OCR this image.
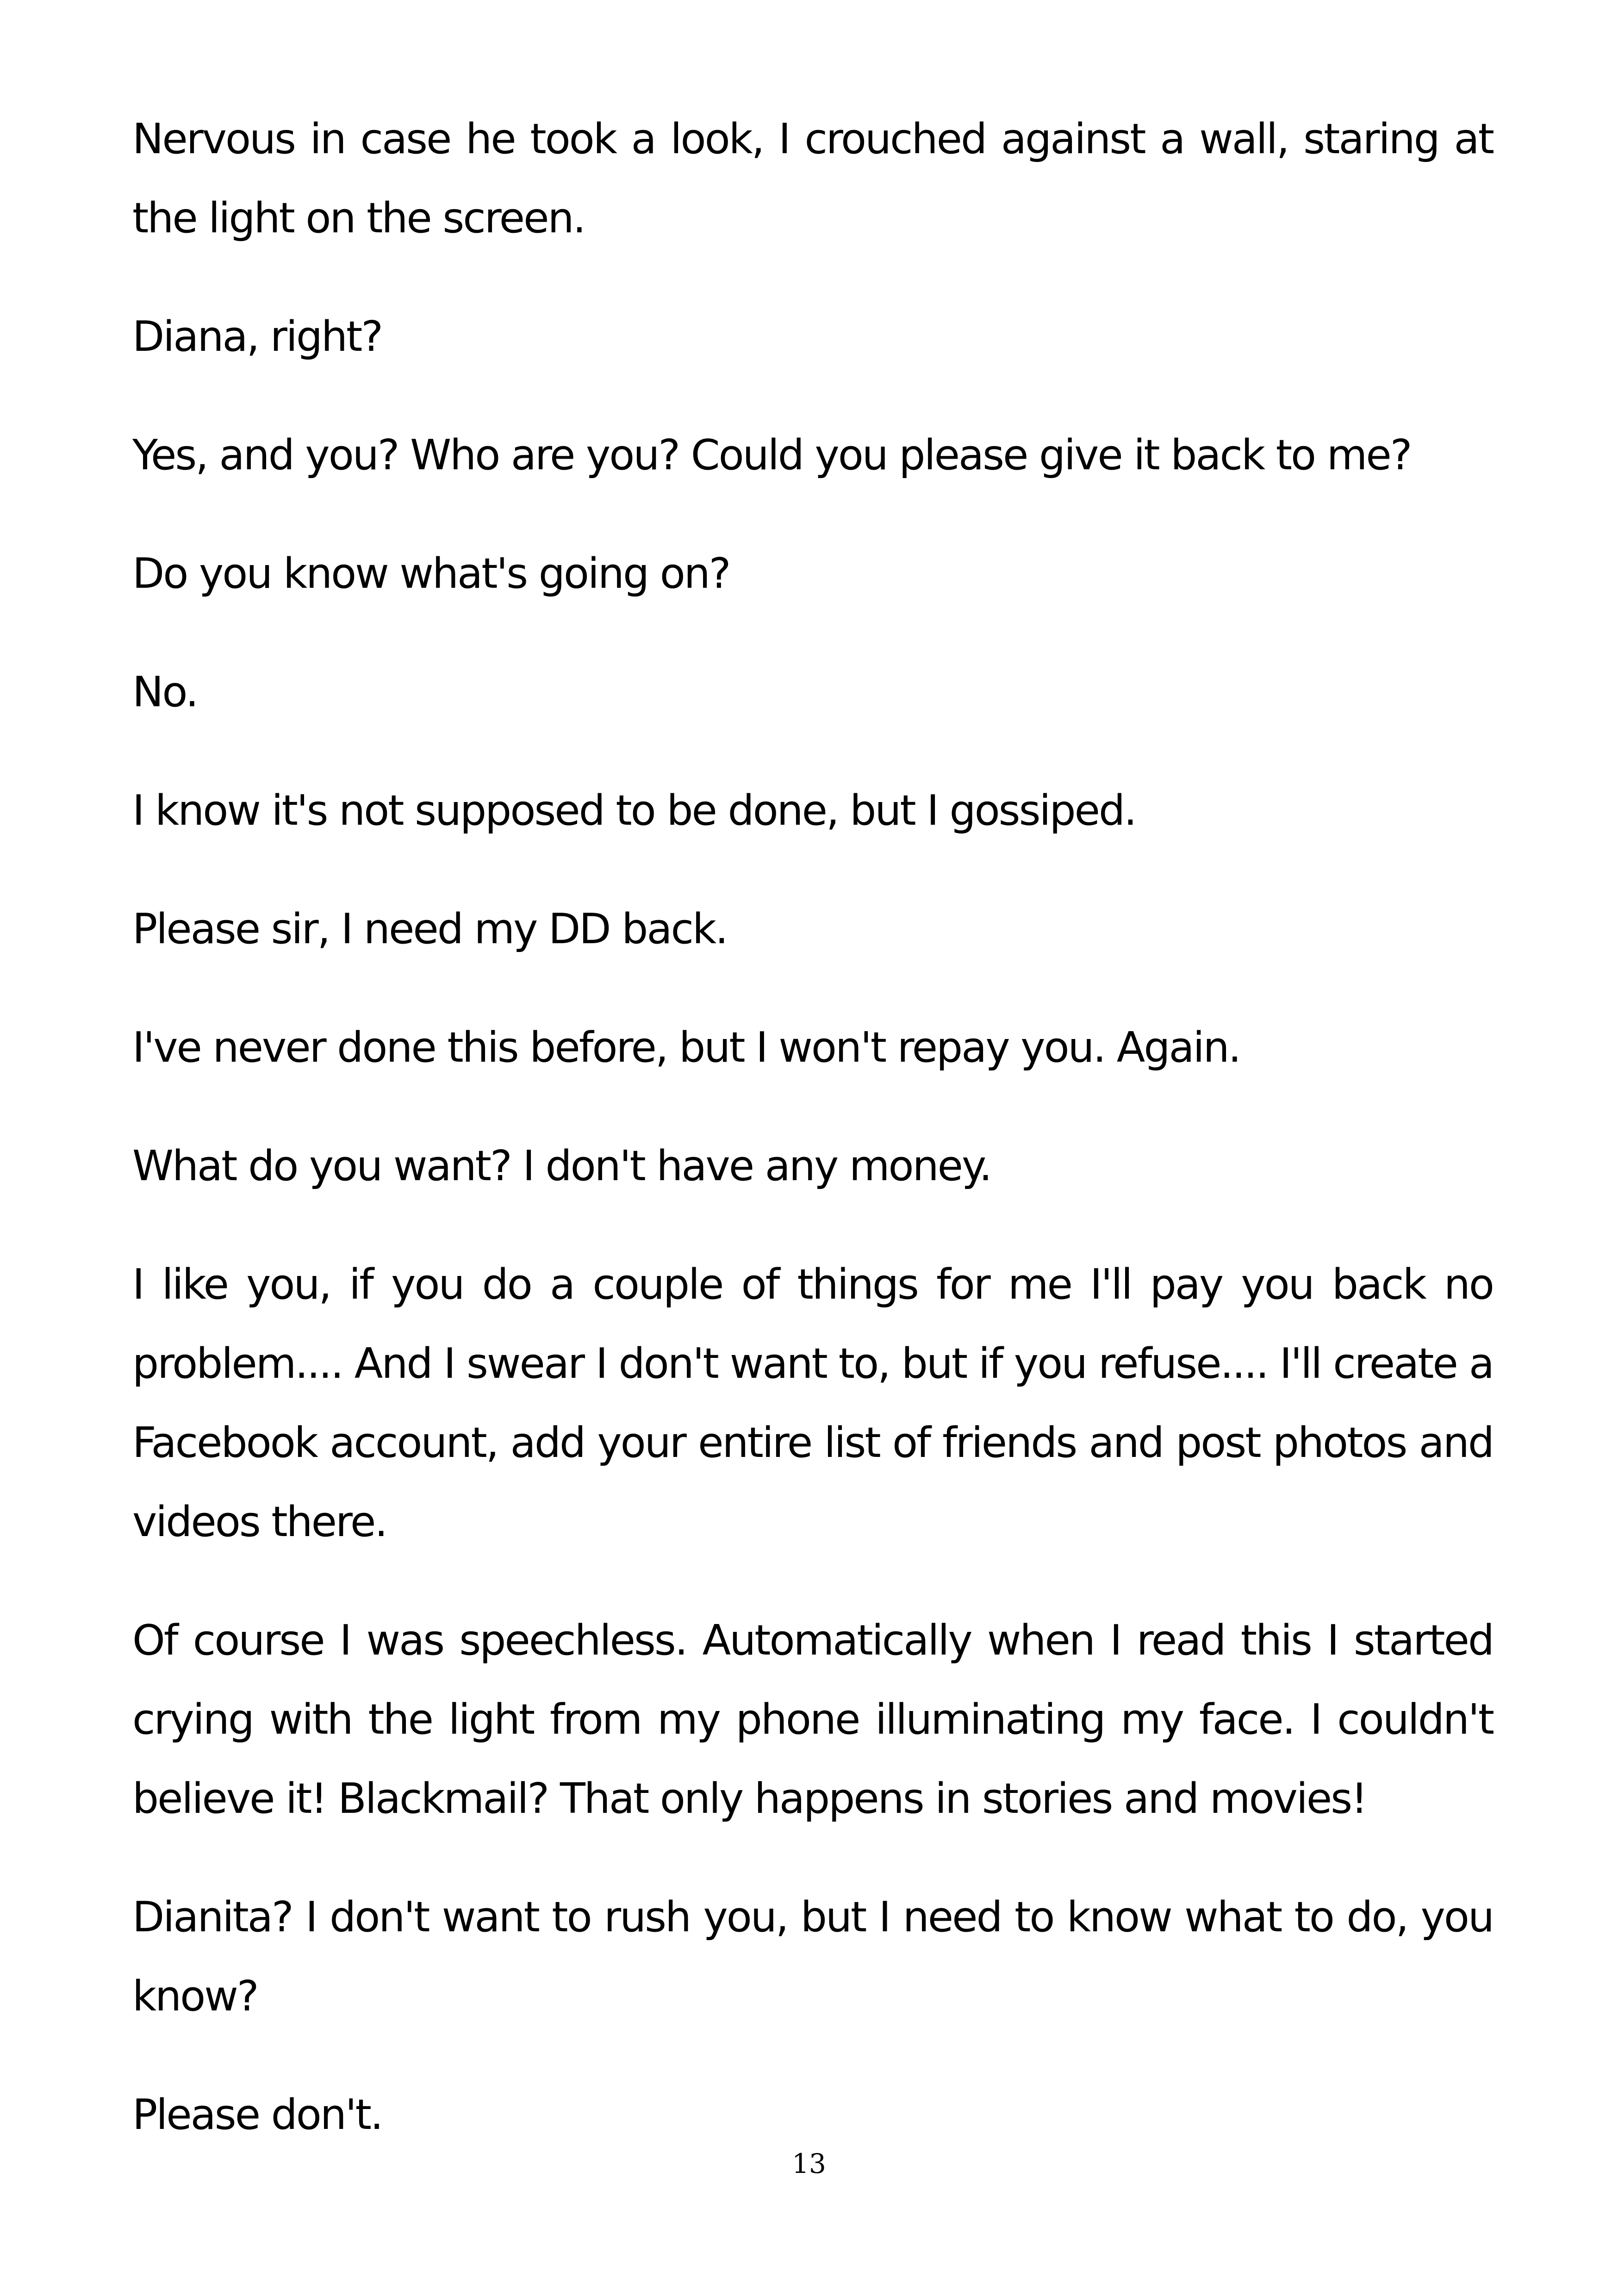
Nervous in case he took a look, I crouched against a wall, staring at the light on the screen.

Diana, right?

Yes, and you? Who are you? Could you please give it back to me?

Do you know what's going on?

No.

I know it's not supposed to be done, but I gossiped.

Please sir, I need my DD back.

I've never done this before, but I won't repay you. Again.

What do you want? I don't have any money.

I like you, if you do a couple of things for me I'll pay you back no problem.... And I swear I don't want to, but if you refuse.... I'll create a Facebook account, add your entire list of friends and post photos and videos there.

Of course I was speechless. Automatically when I read this I started crying with the light from my phone illuminating my face. I couldn't believe it! Blackmail? That only happens in stories and movies!

Dianita? I don't want to rush you, but I need to know what to do, you know?

Please don't.

13
